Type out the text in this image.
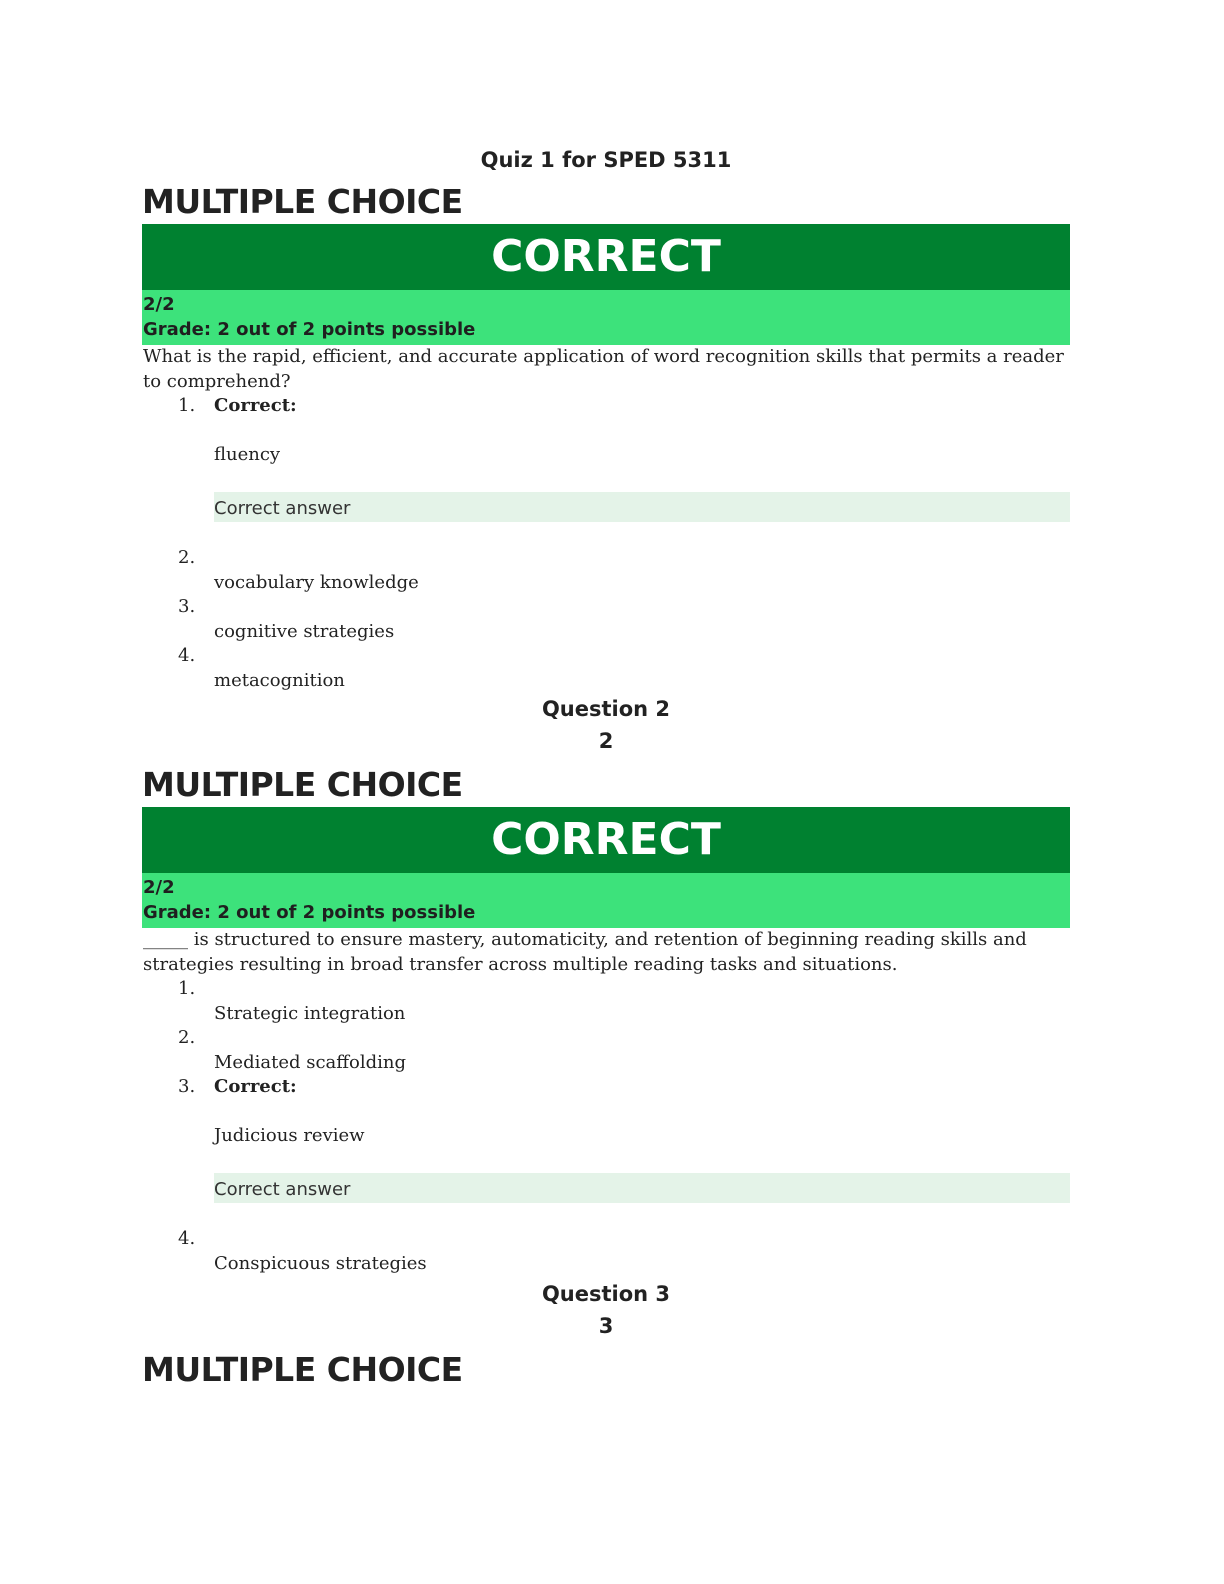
Quiz 1 for SPED 5311
MULTIPLE CHOICE
CORRECT
2/2
Grade: 2 out of 2 points possible

What is the rapid, efficient, and accurate application of word recognition skills that permits a reader to comprehend?

1. Correct:
fluency
Correct answer
2.
vocabulary knowledge
3.
cognitive strategies
4.
metacognition
Question 2
2
MULTIPLE CHOICE
CORRECT
2/2
Grade: 2 out of 2 points possible

_____ is structured to ensure mastery, automaticity, and retention of beginning reading skills and strategies resulting in broad transfer across multiple reading tasks and situations.

1.
Strategic integration
2.
Mediated scaffolding
3. Correct:
Judicious review
Correct answer
4.
Conspicuous strategies
Question 3
3
MULTIPLE CHOICE
